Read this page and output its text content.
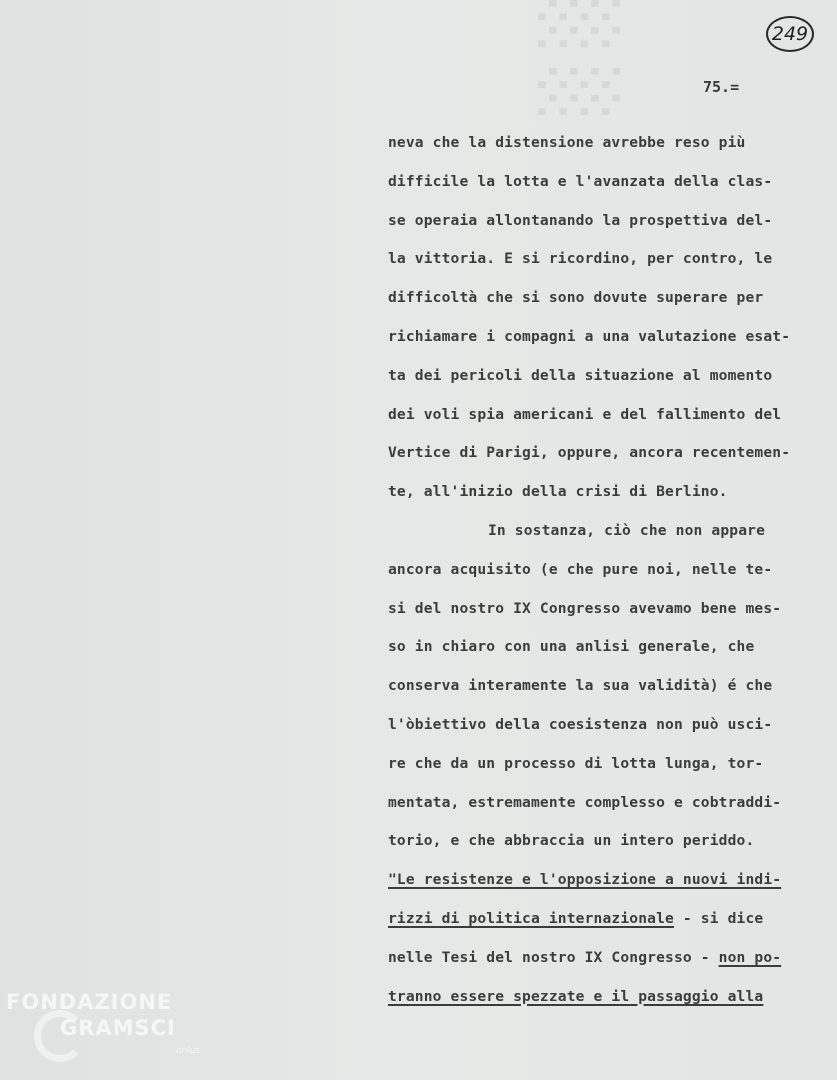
░░	249
75.=
neva che la distensione avrebbe reso più
difficile la lotta e l'avanzata della clas-
se operaia allontanando la prospettiva del-
la vittoria. E si ricordino, per contro, le
difficoltà che si sono dovute superare per
richiamare i compagni a una valutazione esat-
ta dei pericoli della situazione al momento
dei voli spia americani e del fallimento del
Vertice di Parigi, oppure, ancora recentemen-
te, all'inizio della crisi di Berlino.
In sostanza, ciò che non appare
ancora acquisito (e che pure noi, nelle te-
si del nostro IX Congresso avevamo bene mes-
so in chiaro con una anlisi generale, che
conserva interamente la sua validità) é che
l'òbiettivo della coesistenza non può usci-
re che da un processo di lotta lunga, tor-
mentata, estremamente complesso e cobtraddi-
torio, e che abbraccia un intero periddo.
"Le resistenze e l'opposizione a nuovi indi-
rizzi di politica internazionale - si dice
nelle Tesi del nostro IX Congresso - non po-
tranno essere spezzate e il passaggio alla
FONDAZIONE
GRAMSCI
onlus
